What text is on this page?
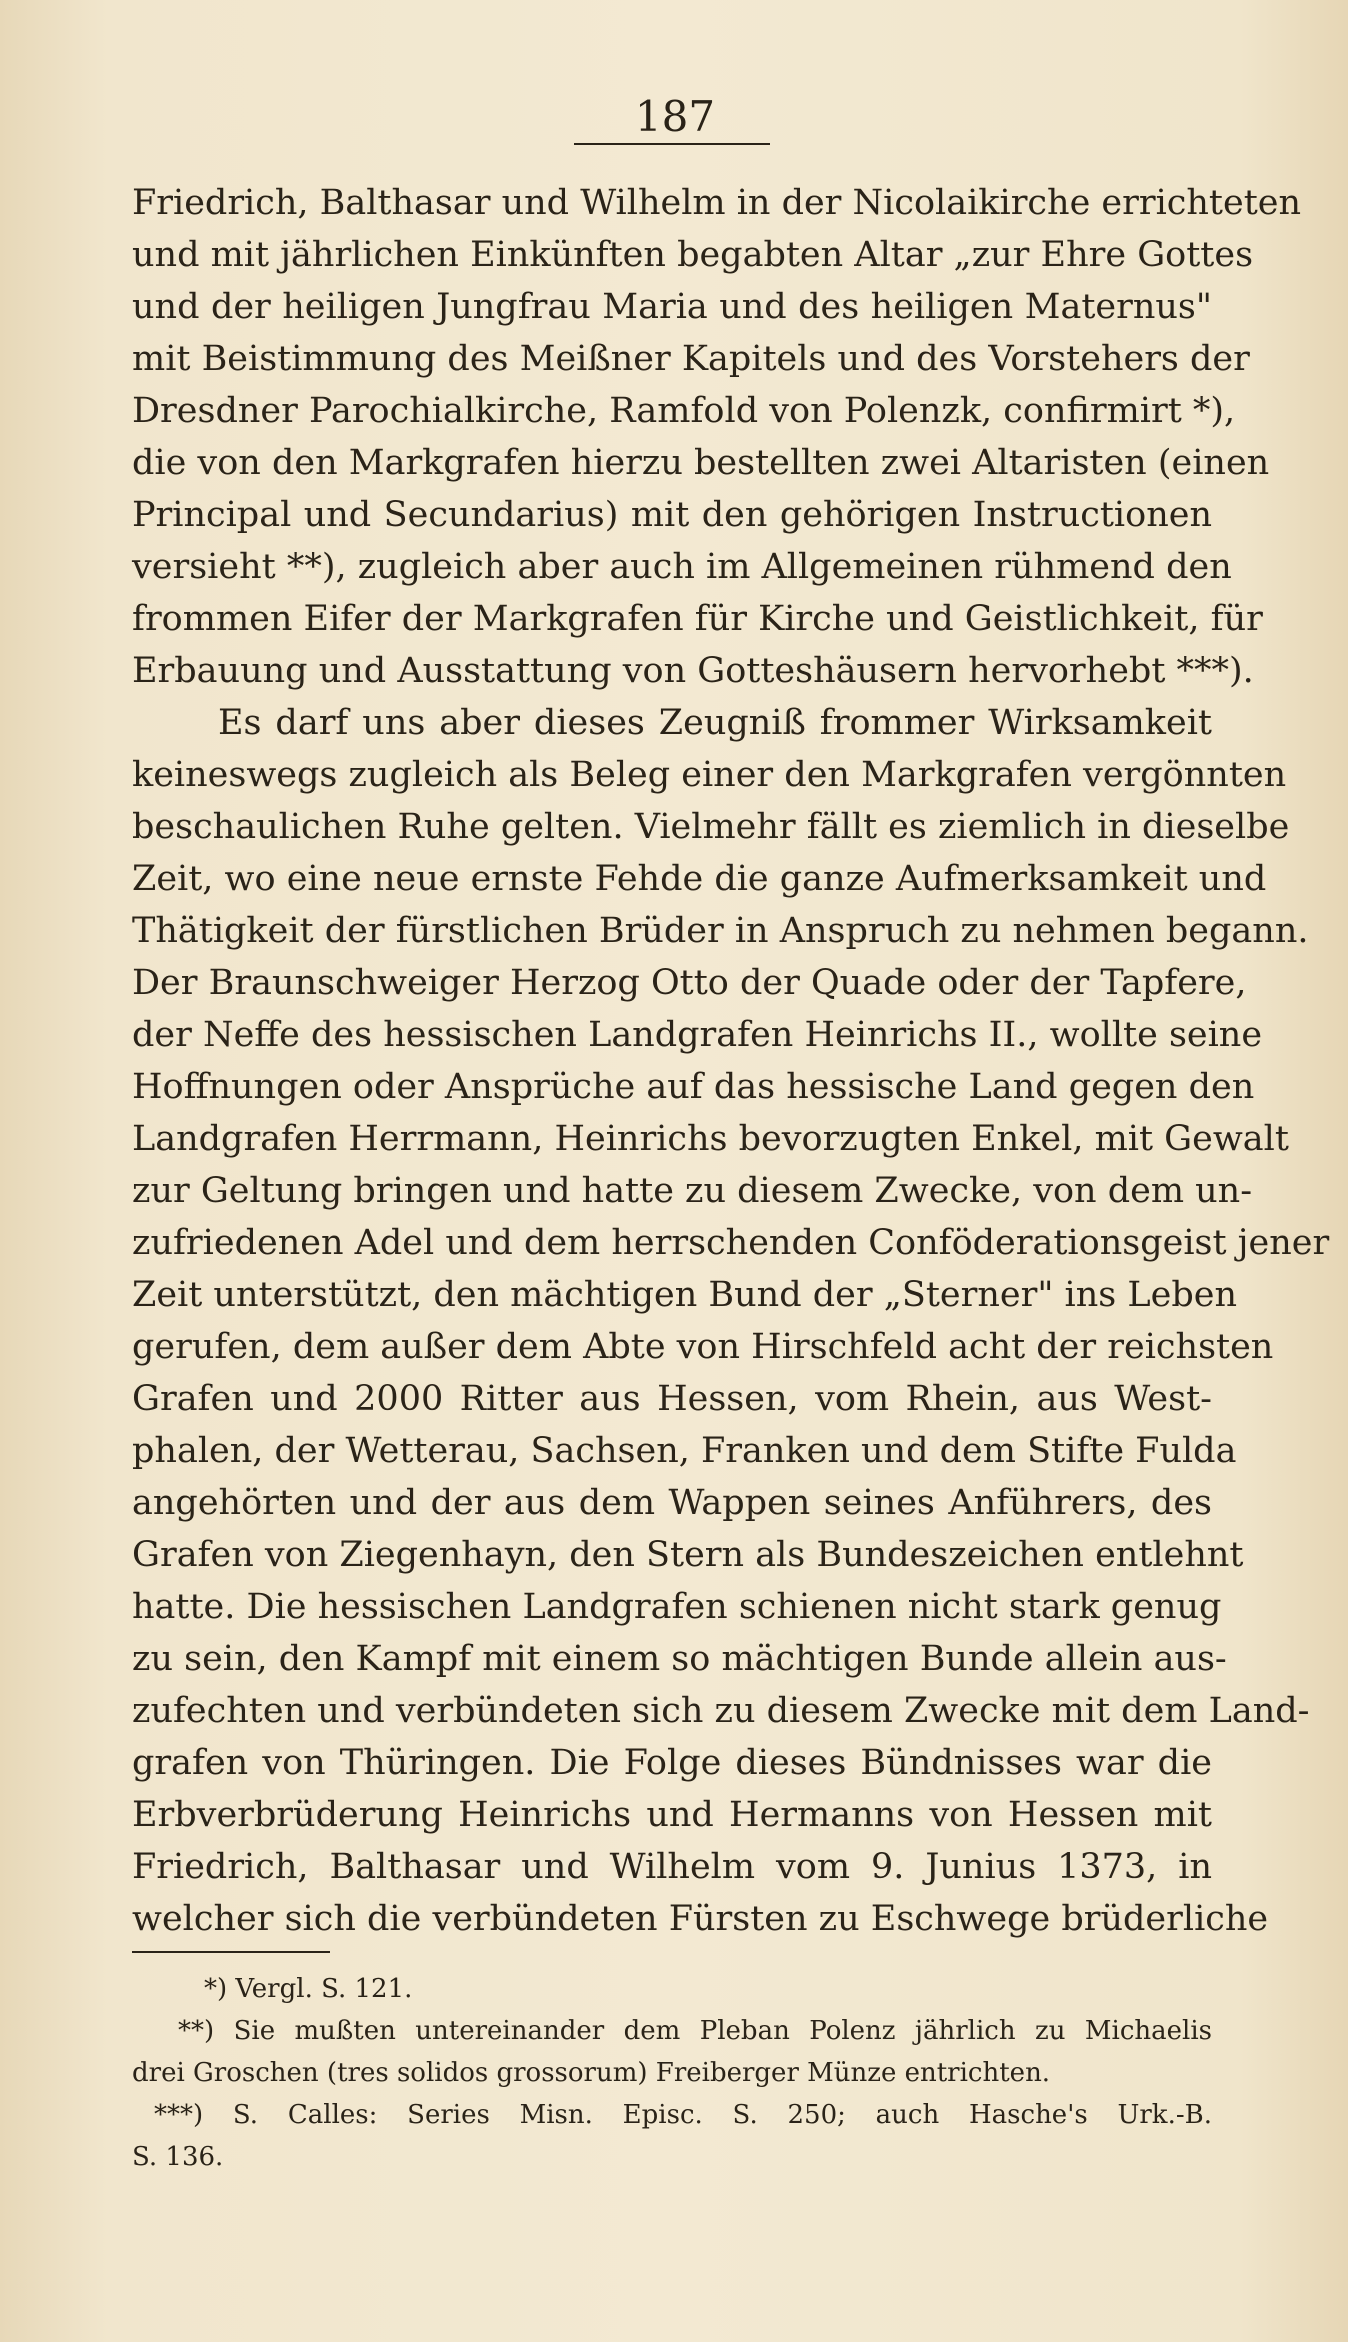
187
Friedrich, Balthasar und Wilhelm in der Nicolaikirche errichteten
und mit jährlichen Einkünften begabten Altar „zur Ehre Gottes
und der heiligen Jungfrau Maria und des heiligen Maternus"
mit Beistimmung des Meißner Kapitels und des Vorstehers der
Dresdner Parochialkirche, Ramfold von Polenzk, confirmirt *),
die von den Markgrafen hierzu bestellten zwei Altaristen (einen
Principal und Secundarius) mit den gehörigen Instructionen
versieht **), zugleich aber auch im Allgemeinen rühmend den
frommen Eifer der Markgrafen für Kirche und Geistlichkeit, für
Erbauung und Ausstattung von Gotteshäusern hervorhebt ***).
Es darf uns aber dieses Zeugniß frommer Wirksamkeit
keineswegs zugleich als Beleg einer den Markgrafen vergönnten
beschaulichen Ruhe gelten. Vielmehr fällt es ziemlich in dieselbe
Zeit, wo eine neue ernste Fehde die ganze Aufmerksamkeit und
Thätigkeit der fürstlichen Brüder in Anspruch zu nehmen begann.
Der Braunschweiger Herzog Otto der Quade oder der Tapfere,
der Neffe des hessischen Landgrafen Heinrichs II., wollte seine
Hoffnungen oder Ansprüche auf das hessische Land gegen den
Landgrafen Herrmann, Heinrichs bevorzugten Enkel, mit Gewalt
zur Geltung bringen und hatte zu diesem Zwecke, von dem un-
zufriedenen Adel und dem herrschenden Conföderationsgeist jener
Zeit unterstützt, den mächtigen Bund der „Sterner" ins Leben
gerufen, dem außer dem Abte von Hirschfeld acht der reichsten
Grafen und 2000 Ritter aus Hessen, vom Rhein, aus West-
phalen, der Wetterau, Sachsen, Franken und dem Stifte Fulda
angehörten und der aus dem Wappen seines Anführers, des
Grafen von Ziegenhayn, den Stern als Bundeszeichen entlehnt
hatte. Die hessischen Landgrafen schienen nicht stark genug
zu sein, den Kampf mit einem so mächtigen Bunde allein aus-
zufechten und verbündeten sich zu diesem Zwecke mit dem Land-
grafen von Thüringen. Die Folge dieses Bündnisses war die
Erbverbrüderung Heinrichs und Hermanns von Hessen mit
Friedrich, Balthasar und Wilhelm vom 9. Junius 1373, in
welcher sich die verbündeten Fürsten zu Eschwege brüderliche
*) Vergl. S. 121.
**) Sie mußten untereinander dem Pleban Polenz jährlich zu Michaelis
drei Groschen (tres solidos grossorum) Freiberger Münze entrichten.
***) S. Calles: Series Misn. Episc. S. 250; auch Hasche's Urk.-B.
S. 136.
